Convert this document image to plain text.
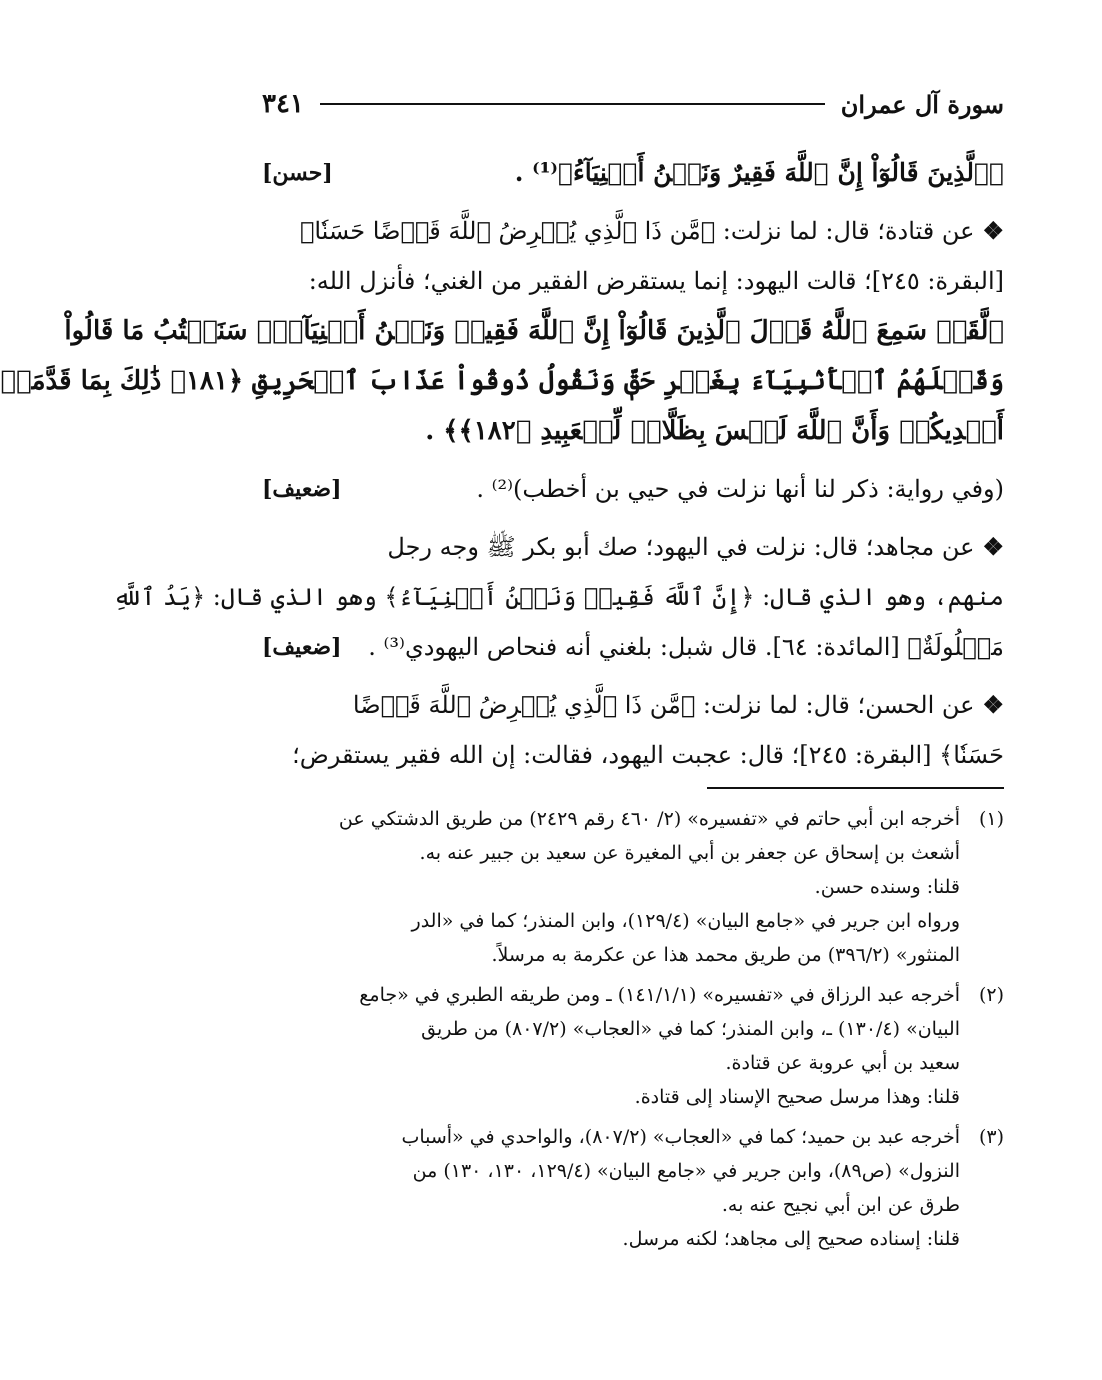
سورة آل عمران
٣٤١
﴿ٱلَّذِينَ قَالُوٓاْ إِنَّ ٱللَّهَ فَقِيرٌ وَنَحۡنُ أَغۡنِيَآءُ﴾⁽¹⁾ .
[حسن]
❖عن قتادة؛ قال: لما نزلت: ﴿مَّن ذَا ٱلَّذِي يُقۡرِضُ ٱللَّهَ قَرۡضًا حَسَنٗا﴾
[البقرة: ٢٤٥]؛ قالت اليهود: إنما يستقرض الفقير من الغني؛ فأنزل الله:
﴿لَّقَدۡ سَمِعَ ٱللَّهُ قَوۡلَ ٱلَّذِينَ قَالُوٓاْ إِنَّ ٱللَّهَ فَقِيرٞ وَنَحۡنُ أَغۡنِيَآءُۘ سَنَكۡتُبُ مَا قَالُواْ
وَقَتۡلَهُمُ ٱلۡأَنۢبِيَآءَ بِغَيۡرِ حَقّٖ وَنَقُولُ ذُوقُواْ عَذَابَ ٱلۡحَرِيقِ ﴿١٨١﴾ ذَٰلِكَ بِمَا قَدَّمَتۡ
أَيۡدِيكُمۡ وَأَنَّ ٱللَّهَ لَيۡسَ بِظَلَّامٖ لِّلۡعَبِيدِ ﴿١٨٢﴾﴾ .
(وفي رواية: ذكر لنا أنها نزلت في حيي بن أخطب)⁽²⁾ .
[ضعيف]
❖عن مجاهد؛ قال: نزلت في اليهود؛ صك أبو بكر ﷺ وجه رجل
منهم، وهو الذي قال: ﴿إِنَّ ٱللَّهَ فَقِيرٞ وَنَحۡنُ أَغۡنِيَآءُ﴾ وهو الذي قال: ﴿يَدُ ٱللَّهِ
مَغۡلُولَةٌ﴾ [المائدة: ٦٤]. قال شبل: بلغني أنه فنحاص اليهودي⁽³⁾ .
[ضعيف]
❖عن الحسن؛ قال: لما نزلت: ﴿مَّن ذَا ٱلَّذِي يُقۡرِضُ ٱللَّهَ قَرۡضًا
حَسَنٗا﴾ [البقرة: ٢٤٥]؛ قال: عجبت اليهود، فقالت: إن الله فقير يستقرض؛
(١)
أخرجه ابن أبي حاتم في «تفسيره» (٢/ ٤٦٠ رقم ٢٤٢٩) من طريق الدشتكي عن
أشعث بن إسحاق عن جعفر بن أبي المغيرة عن سعيد بن جبير عنه به.
قلنا: وسنده حسن.
ورواه ابن جرير في «جامع البيان» (١٢٩/٤)، وابن المنذر؛ كما في «الدر
المنثور» (٣٩٦/٢) من طريق محمد هذا عن عكرمة به مرسلاً.
(٢)
أخرجه عبد الرزاق في «تفسيره» (١٤١/١/١) ـ ومن طريقه الطبري في «جامع
البيان» (١٣٠/٤) ـ، وابن المنذر؛ كما في «العجاب» (٨٠٧/٢) من طريق
سعيد بن أبي عروبة عن قتادة.
قلنا: وهذا مرسل صحيح الإسناد إلى قتادة.
(٣)
أخرجه عبد بن حميد؛ كما في «العجاب» (٨٠٧/٢)، والواحدي في «أسباب
النزول» (ص٨٩)، وابن جرير في «جامع البيان» (١٢٩/٤، ١٣٠، ١٣٠) من
طرق عن ابن أبي نجيح عنه به.
قلنا: إسناده صحيح إلى مجاهد؛ لكنه مرسل.
